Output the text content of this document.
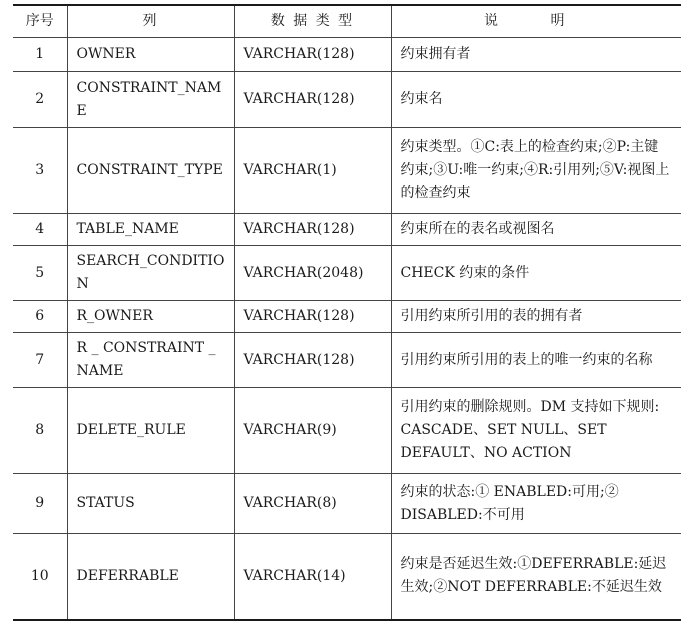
序号	列	数 据 类 型	说 明
1	OWNER	VARCHAR(128)	约束拥有者
2	CONSTRAINT_NAME	VARCHAR(128)	约束名
3	CONSTRAINT_TYPE	VARCHAR(1)	约束类型。①C:表上的检查约束;②P:主键约束;③U:唯一约束;④R:引用列;⑤V:视图上的检查约束
4	TABLE_NAME	VARCHAR(128)	约束所在的表名或视图名
5	SEARCH_CONDITION	VARCHAR(2048)	CHECK 约束的条件
6	R_OWNER	VARCHAR(128)	引用约束所引用的表的拥有者
7	R _ CONSTRAINT _ NAME	VARCHAR(128)	引用约束所引用的表上的唯一约束的名称
8	DELETE_RULE	VARCHAR(9)	引用约束的删除规则。DM 支持如下规则: CASCADE、SET NULL、SET DEFAULT、NO ACTION
9	STATUS	VARCHAR(8)	约束的状态:① ENABLED:可用;② DISABLED:不可用
10	DEFERRABLE	VARCHAR(14)	约束是否延迟生效:①DEFERRABLE:延迟生效;②NOT DEFERRABLE:不延迟生效
